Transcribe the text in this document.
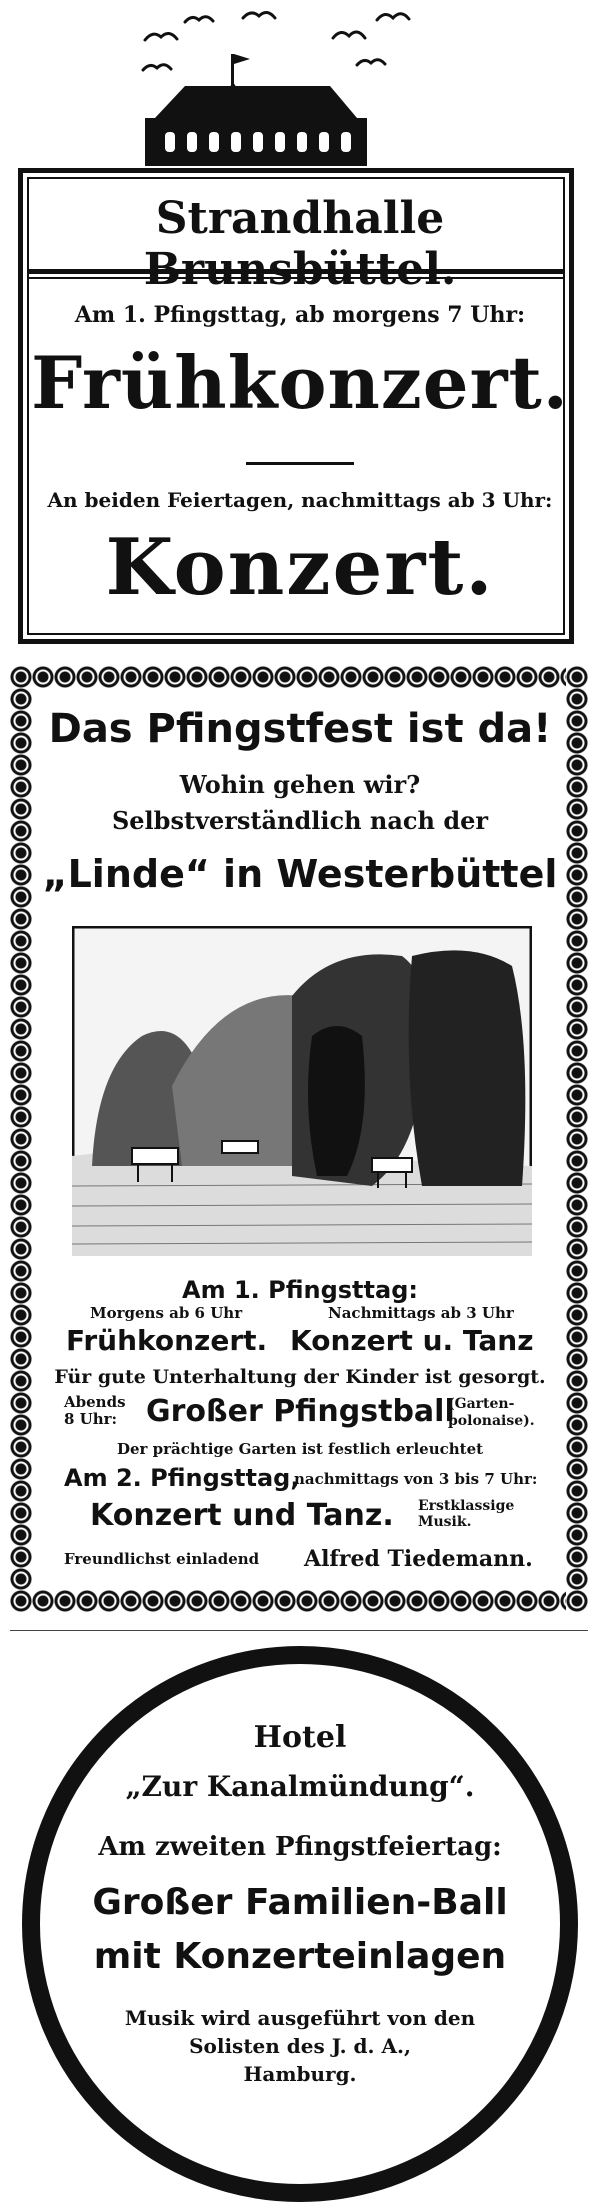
Strandhalle Brunsbüttel.
Am 1. Pfingsttag, ab morgens 7 Uhr:
Frühkonzert.
An beiden Feiertagen, nachmittags ab 3 Uhr:
Konzert.
Das Pfingstfest ist da!
Wohin gehen wir?
Selbstverständlich nach der
„Linde“ in Westerbüttel
Am 1. Pfingsttag:
Morgens ab 6 Uhr	Nachmittags ab 3 Uhr
Frühkonzert. Konzert u. Tanz
Für gute Unterhaltung der Kinder ist gesorgt.
Abends 8 Uhr: Großer Pfingstball
(Garten-polonaise).
Der prächtige Garten ist festlich erleuchtet
Am 2. Pfingsttag,
nachmittags von 3 bis 7 Uhr:
Konzert und Tanz. Erstklassige Musik.
Freundlichst einladend Alfred Tiedemann.
Hotel
„Zur Kanalmündung“.
Am zweiten Pfingstfeiertag:
Großer Familien-Ball
mit Konzerteinlagen
Musik wird ausgeführt von den
Solisten des J. d. A.,
Hamburg.
